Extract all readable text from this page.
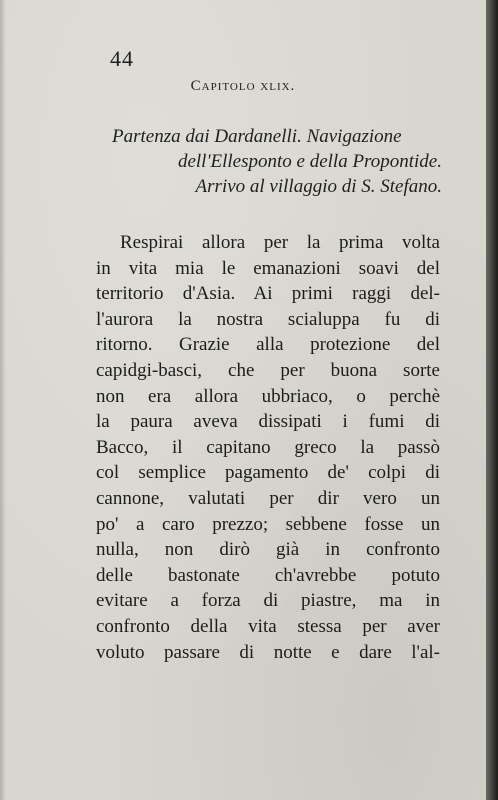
44
Capitolo xlix.
Partenza dai Dardanelli. Navigazione
dell'Ellesponto e della Propontide.
Arrivo al villaggio di S. Stefano.
Respirai allora per la prima volta
in vita mia le emanazioni soavi del
territorio d'Asia. Ai primi raggi del-
l'aurora la nostra scialuppa fu di
ritorno. Grazie alla protezione del
capidgi-basci, che per buona sorte
non era allora ubbriaco, o perchè
la paura aveva dissipati i fumi di
Bacco, il capitano greco la passò
col semplice pagamento de' colpi di
cannone, valutati per dir vero un
po' a caro prezzo; sebbene fosse un
nulla, non dirò già in confronto
delle bastonate ch'avrebbe potuto
evitare a forza di piastre, ma in
confronto della vita stessa per aver
voluto passare di notte e dare l'al-
